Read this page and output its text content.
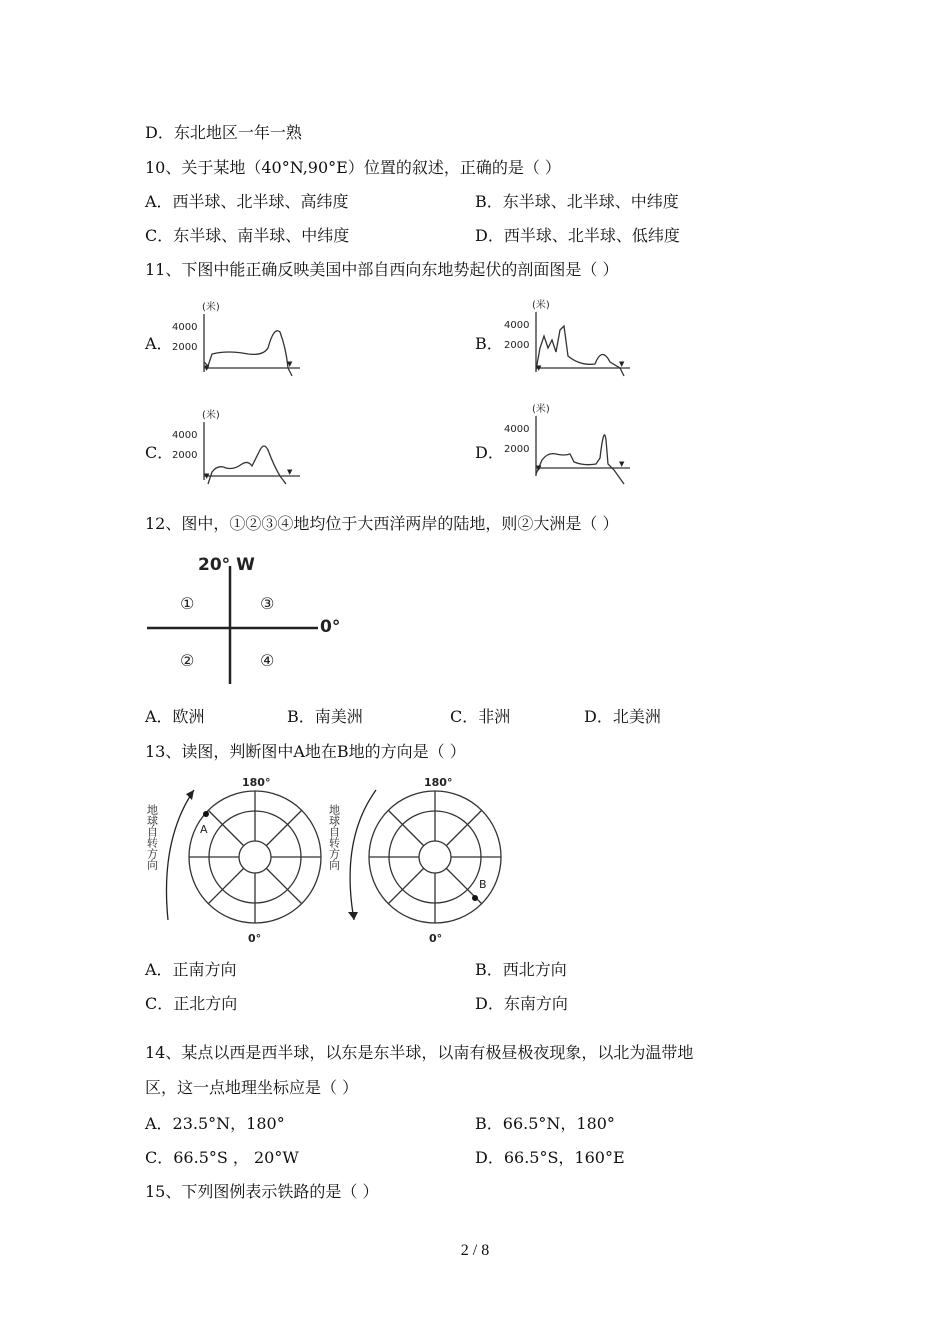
D．东北地区一年一熟
10、关于某地（40°N,90°E）位置的叙述，正确的是（ ）
A．西半球、北半球、高纬度	B．东半球、北半球、中纬度
C．东半球、南半球、中纬度	D．西半球、北半球、低纬度
11、下图中能正确反映美国中部自西向东地势起伏的剖面图是（ ）
A．
(米)
4000
2000
▼	▼
B．
(米)
4000
2000
▼	▼
C．
(米)
4000
2000
▼	▼
D．
(米)
4000
2000
▼	▼
12、图中，①②③④地均位于大西洋两岸的陆地，则②大洲是（ ）
20° W
0°
①	③
②	④
A．欧洲	B．南美洲	C．非洲	D．北美洲
13、读图，判断图中A地在B地的方向是（ ）
地球自转方向
180°
0°
A	地球自转方向
180°
0°
B
A．正南方向	B．西北方向
C．正北方向	D．东南方向
14、某点以西是西半球，以东是东半球，以南有极昼极夜现象，以北为温带地
区，这一点地理坐标应是（ ）
A．23.5°N，180°	B．66.5°N，180°
C．66.5°S ， 20°W	D．66.5°S，160°E
15、下列图例表示铁路的是（ ）
2 / 8
